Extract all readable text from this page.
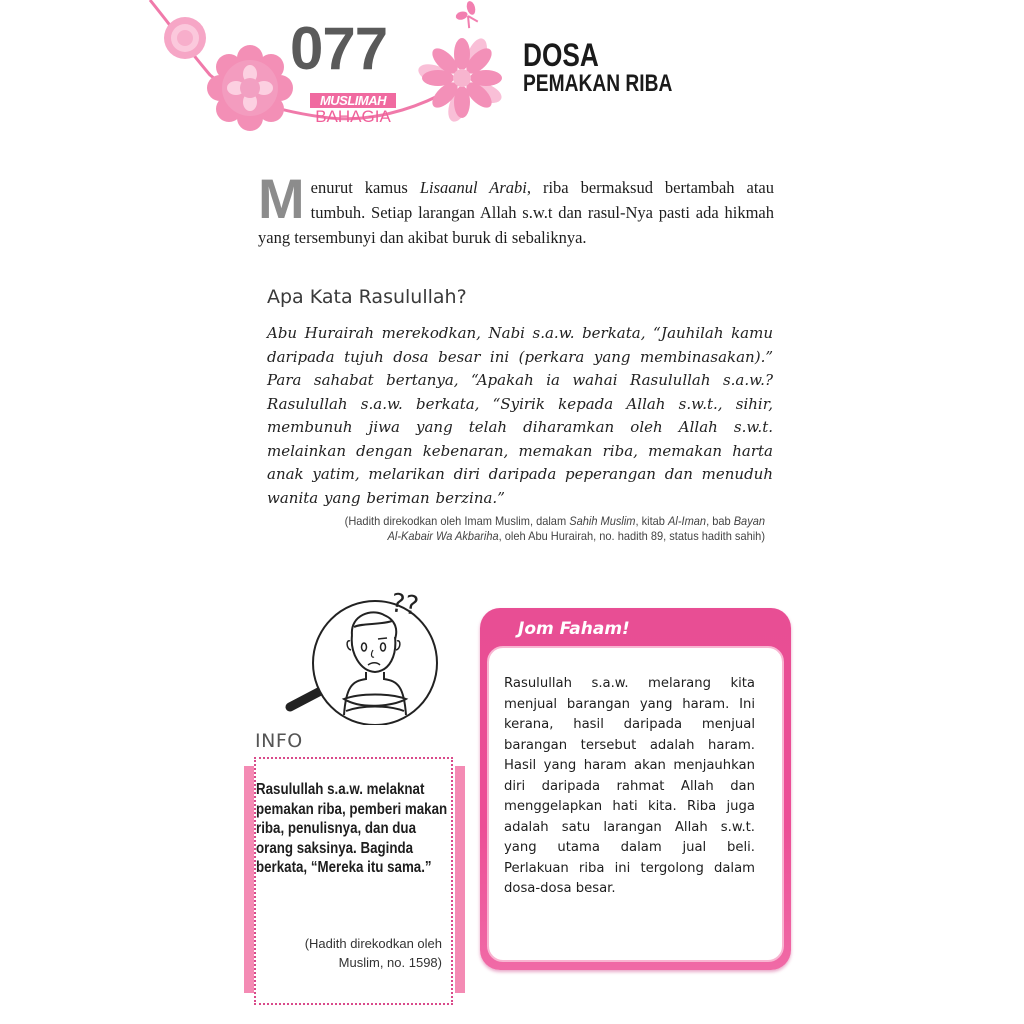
077
MUSLIMAH
BAHAGIA
DOSA
PEMAKAN RIBA
Menurut kamus Lisaanul Arabi, riba bermaksud bertambah atau tumbuh. Setiap larangan Allah s.w.t dan rasul-Nya pasti ada hikmah yang tersembunyi dan akibat buruk di sebaliknya.
Apa Kata Rasulullah?
Abu Hurairah merekodkan, Nabi s.a.w. berkata, “Jauhilah kamu daripada tujuh dosa besar ini (perkara yang membinasakan).” Para sahabat bertanya, “Apakah ia wahai Rasulullah s.a.w.? Rasulullah s.a.w. berkata, “Syirik kepada Allah s.w.t., sihir, membunuh jiwa yang telah diharamkan oleh Allah s.w.t. melainkan dengan kebenaran, memakan riba, memakan harta anak yatim, melarikan diri daripada peperangan dan menuduh wanita yang beriman berzina.”
(Hadith direkodkan oleh Imam Muslim, dalam Sahih Muslim, kitab Al-Iman, bab Bayan Al-Kabair Wa Akbariha, oleh Abu Hurairah, no. hadith 89, status hadith sahih)
??
INFO
Rasulullah s.a.w. melaknat pemakan riba, pemberi makan riba, penulisnya, dan dua orang saksinya. Baginda berkata, “Mereka itu sama.”
(Hadith direkodkan oleh Muslim, no. 1598)
Jom Faham!
Rasulullah s.a.w. melarang kita menjual barangan yang haram. Ini kerana, hasil daripada menjual barangan tersebut adalah haram. Hasil yang haram akan menjauhkan diri daripada rahmat Allah dan menggelapkan hati kita. Riba juga adalah satu larangan Allah s.w.t. yang utama dalam jual beli. Perlakuan riba ini tergolong dalam dosa-dosa besar.
